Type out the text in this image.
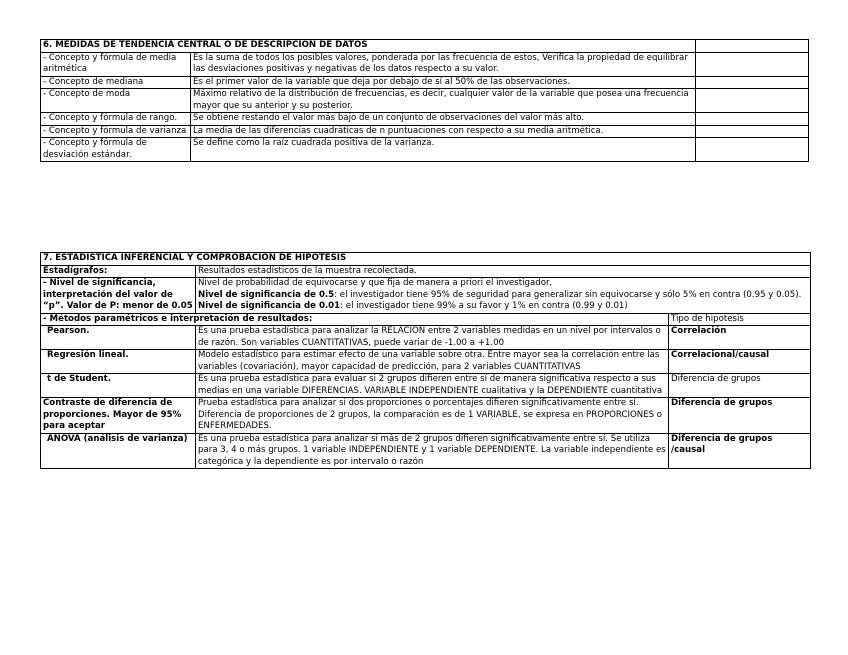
6. MEDIDAS DE TENDENCIA CENTRAL O DE DESCRIPCIÓN DE DATOS		
- Concepto y fórmula de media aritmética	Es la suma de todos los posibles valores, ponderada por las frecuencia de estos, Verifica la propiedad de equilibrar las desviaciones positivas y negativas de los datos respecto a su valor.	
- Concepto de mediana	Es el primer valor de la variable que deja por debajo de sí al 50% de las observaciones.	
- Concepto de moda	Máximo relativo de la distribución de frecuencias, es decir, cualquier valor de la variable que posea una frecuencia mayor que su anterior y su posterior.	
- Concepto y fórmula de rango.	Se obtiene restando el valor más bajo de un conjunto de observaciones del valor más alto.	
- Concepto y fórmula de varianza	La media de las diferencias cuadráticas de n puntuaciones con respecto a su media aritmética.	
- Concepto y fórmula de desviación estándar.	Se define como la raíz cuadrada positiva de la varianza.	
7. ESTADÍSTICA INFERENCIAL Y COMPROBACIÓN DE HIPÓTESIS		
Estadígrafos:	Resultados estadísticos de la muestra recolectada.	
- Nivel de significancia, interpretación del valor de “p”. Valor de P: menor de 0.05	Nivel de probabilidad de equivocarse y que fija de manera a priori el investigador,
Nivel de significancia de 0.5: el investigador tiene 95% de seguridad para generalizar sin equivocarse y sólo 5% en contra (0.95 y 0.05).
Nivel de significancia de 0.01: el investigador tiene 99% a su favor y 1% en contra (0.99 y 0.01)	
- Métodos paramétricos e interpretación de resultados:		Tipo de hipotesis
Pearson.	Es una prueba estadística para analizar la RELACIÓN entre 2 variables medidas en un nivel por intervalos o de razón. Son variables CUANTITATIVAS, puede variar de -1.00 a +1.00	Correlación
Regresión lineal.	Modelo estadístico para estimar efecto de una variable sobre otra. Entre mayor sea la correlación entre las variables (covariación), mayor capacidad de predicción, para 2 variables CUANTITATIVAS	Correlacional/causal
t de Student.	Es una prueba estadística para evaluar si 2 grupos difieren entre sí de manera significativa respecto a sus medias en una variable DIFERENCIAS. VARIABLE INDEPENDIENTE cualitativa y la DEPENDIENTE cuantitativa	Diferencia de grupos
Contraste de diferencia de proporciones. Mayor de 95% para aceptar	Prueba estadística para analizar si dos proporciones o porcentajes difieren significativamente entre sí. Diferencia de proporciones de 2 grupos, la comparación es de 1 VARIABLE, se expresa en PROPORCIONES o ENFERMEDADES.	Diferencia de grupos
ANOVA (análisis de varianza)	Es una prueba estadística para analizar si más de 2 grupos difieren significativamente entre sí. Se utiliza para 3, 4 o más grupos. 1 variable INDEPENDIENTE y 1 variable DEPENDIENTE. La variable independiente es categórica y la dependiente es por intervalo o razón	Diferencia de grupos /causal
